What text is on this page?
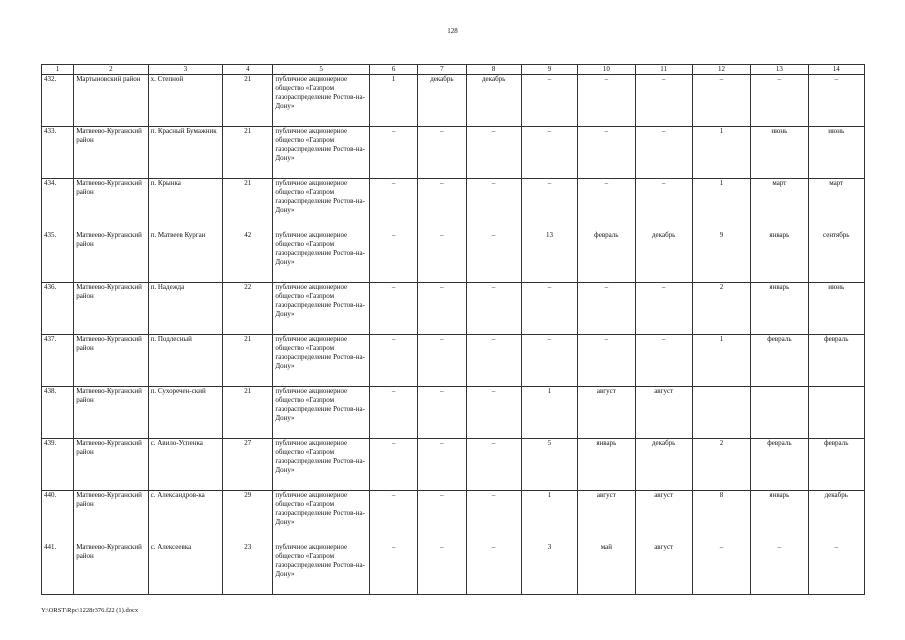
128
1	2	3	4	5	6	7	8	9	10	11	12	13	14
432.	Мартыновский район	х. Степной	21	публичное акционерное общество «Газпром газораспределение Ростов-на-Дону»	1	декабрь	декабрь	–	–	–	–	–	–
433.	Матвеево-Курганский район	п. Красный Бумажник	21	публичное акционерное общество «Газпром газораспределение Ростов-на-Дону»	–	–	–	–	–	–	1	июнь	июнь
434.	Матвеево-Курганский район	п. Крынка	21	публичное акционерное общество «Газпром газораспределение Ростов-на-Дону»	–	–	–	–	–	–	1	март	март
435.	Матвеево-Курганский район	п. Матвеев Курган	42	публичное акционерное общество «Газпром газораспределение Ростов-на-Дону»	–	–	–	13	февраль	декабрь	9	январь	сентябрь
436.	Матвеево-Курганский район	п. Надежда	22	публичное акционерное общество «Газпром газораспределение Ростов-на-Дону»	–	–	–	–	–	–	2	январь	июнь
437.	Матвеево-Курганский район	п. Подлесный	21	публичное акционерное общество «Газпром газораспределение Ростов-на-Дону»	–	–	–	–	–	–	1	февраль	февраль
438.	Матвеево-Курганский район	п. Сухоречен-ский	21	публичное акционерное общество «Газпром газораспределение Ростов-на-Дону»	–	–	–	1	август	август			
439.	Матвеево-Курганский район	с. Авило-Успенка	27	публичное акционерное общество «Газпром газораспределение Ростов-на-Дону»	–	–	–	5	январь	декабрь	2	февраль	февраль
440.	Матвеево-Курганский район	с. Александров-ка	29	публичное акционерное общество «Газпром газораспределение Ростов-на-Дону»	–	–	–	1	август	август	8	январь	декабрь
441.	Матвеево-Курганский район	с. Алексеевка	23	публичное акционерное общество «Газпром газораспределение Ростов-на-Дону»	–	–	–	3	май	август	–	–	–
Y:\ORST\Rpc\1228r376.f22 (1).docx
